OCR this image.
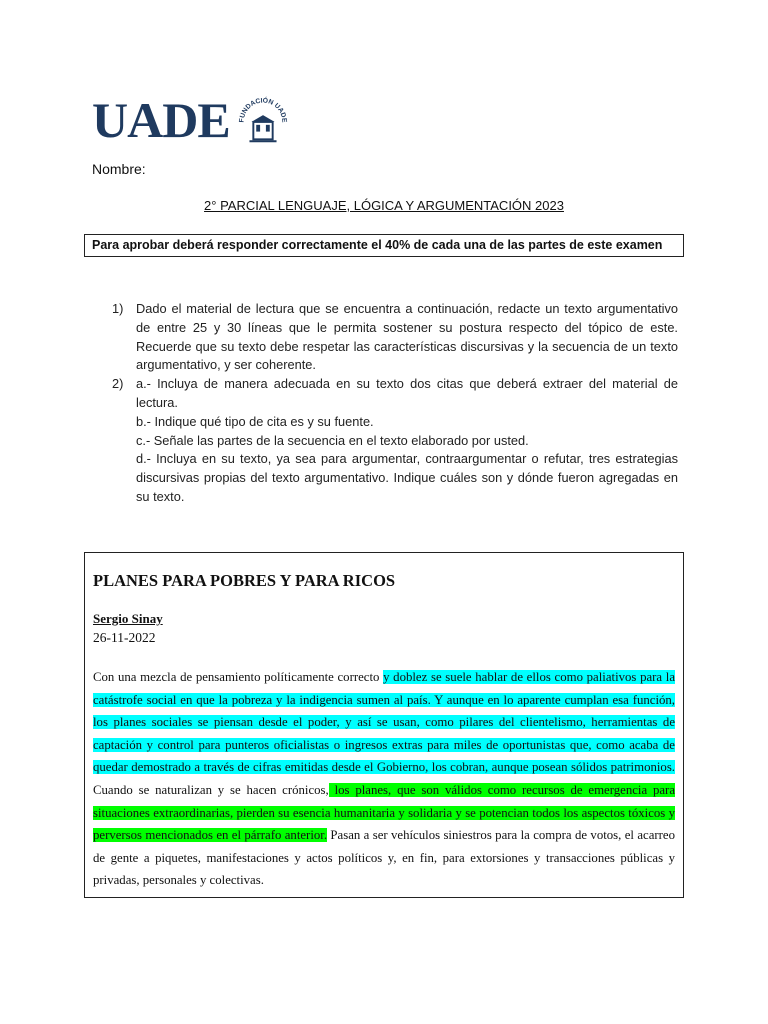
UADE FUNDACIÓN UADE
Nombre:
2° PARCIAL LENGUAJE, LÓGICA Y ARGUMENTACIÓN 2023
Para aprobar deberá responder correctamente el 40% de cada una de las partes de este examen
1) Dado el material de lectura que se encuentra a continuación, redacte un texto argumentativo de entre 25 y 30 líneas que le permita sostener su postura respecto del tópico de este. Recuerde que su texto debe respetar las características discursivas y la secuencia de un texto argumentativo, y ser coherente.
2) a.- Incluya de manera adecuada en su texto dos citas que deberá extraer del material de lectura.
b.- Indique qué tipo de cita es y su fuente.
c.- Señale las partes de la secuencia en el texto elaborado por usted.
d.- Incluya en su texto, ya sea para argumentar, contraargumentar o refutar, tres estrategias discursivas propias del texto argumentativo. Indique cuáles son y dónde fueron agregadas en su texto.
PLANES PARA POBRES Y PARA RICOS
Sergio Sinay
26-11-2022

Con una mezcla de pensamiento políticamente correcto y doblez se suele hablar de ellos como paliativos para la catástrofe social en que la pobreza y la indigencia sumen al país. Y aunque en lo aparente cumplan esa función, los planes sociales se piensan desde el poder, y así se usan, como pilares del clientelismo, herramientas de captación y control para punteros oficialistas o ingresos extras para miles de oportunistas que, como acaba de quedar demostrado a través de cifras emitidas desde el Gobierno, los cobran, aunque posean sólidos patrimonios. Cuando se naturalizan y se hacen crónicos, los planes, que son válidos como recursos de emergencia para situaciones extraordinarias, pierden su esencia humanitaria y solidaria y se potencian todos los aspectos tóxicos y perversos mencionados en el párrafo anterior. Pasan a ser vehículos siniestros para la compra de votos, el acarreo de gente a piquetes, manifestaciones y actos políticos y, en fin, para extorsiones y transacciones públicas y privadas, personales y colectivas.
